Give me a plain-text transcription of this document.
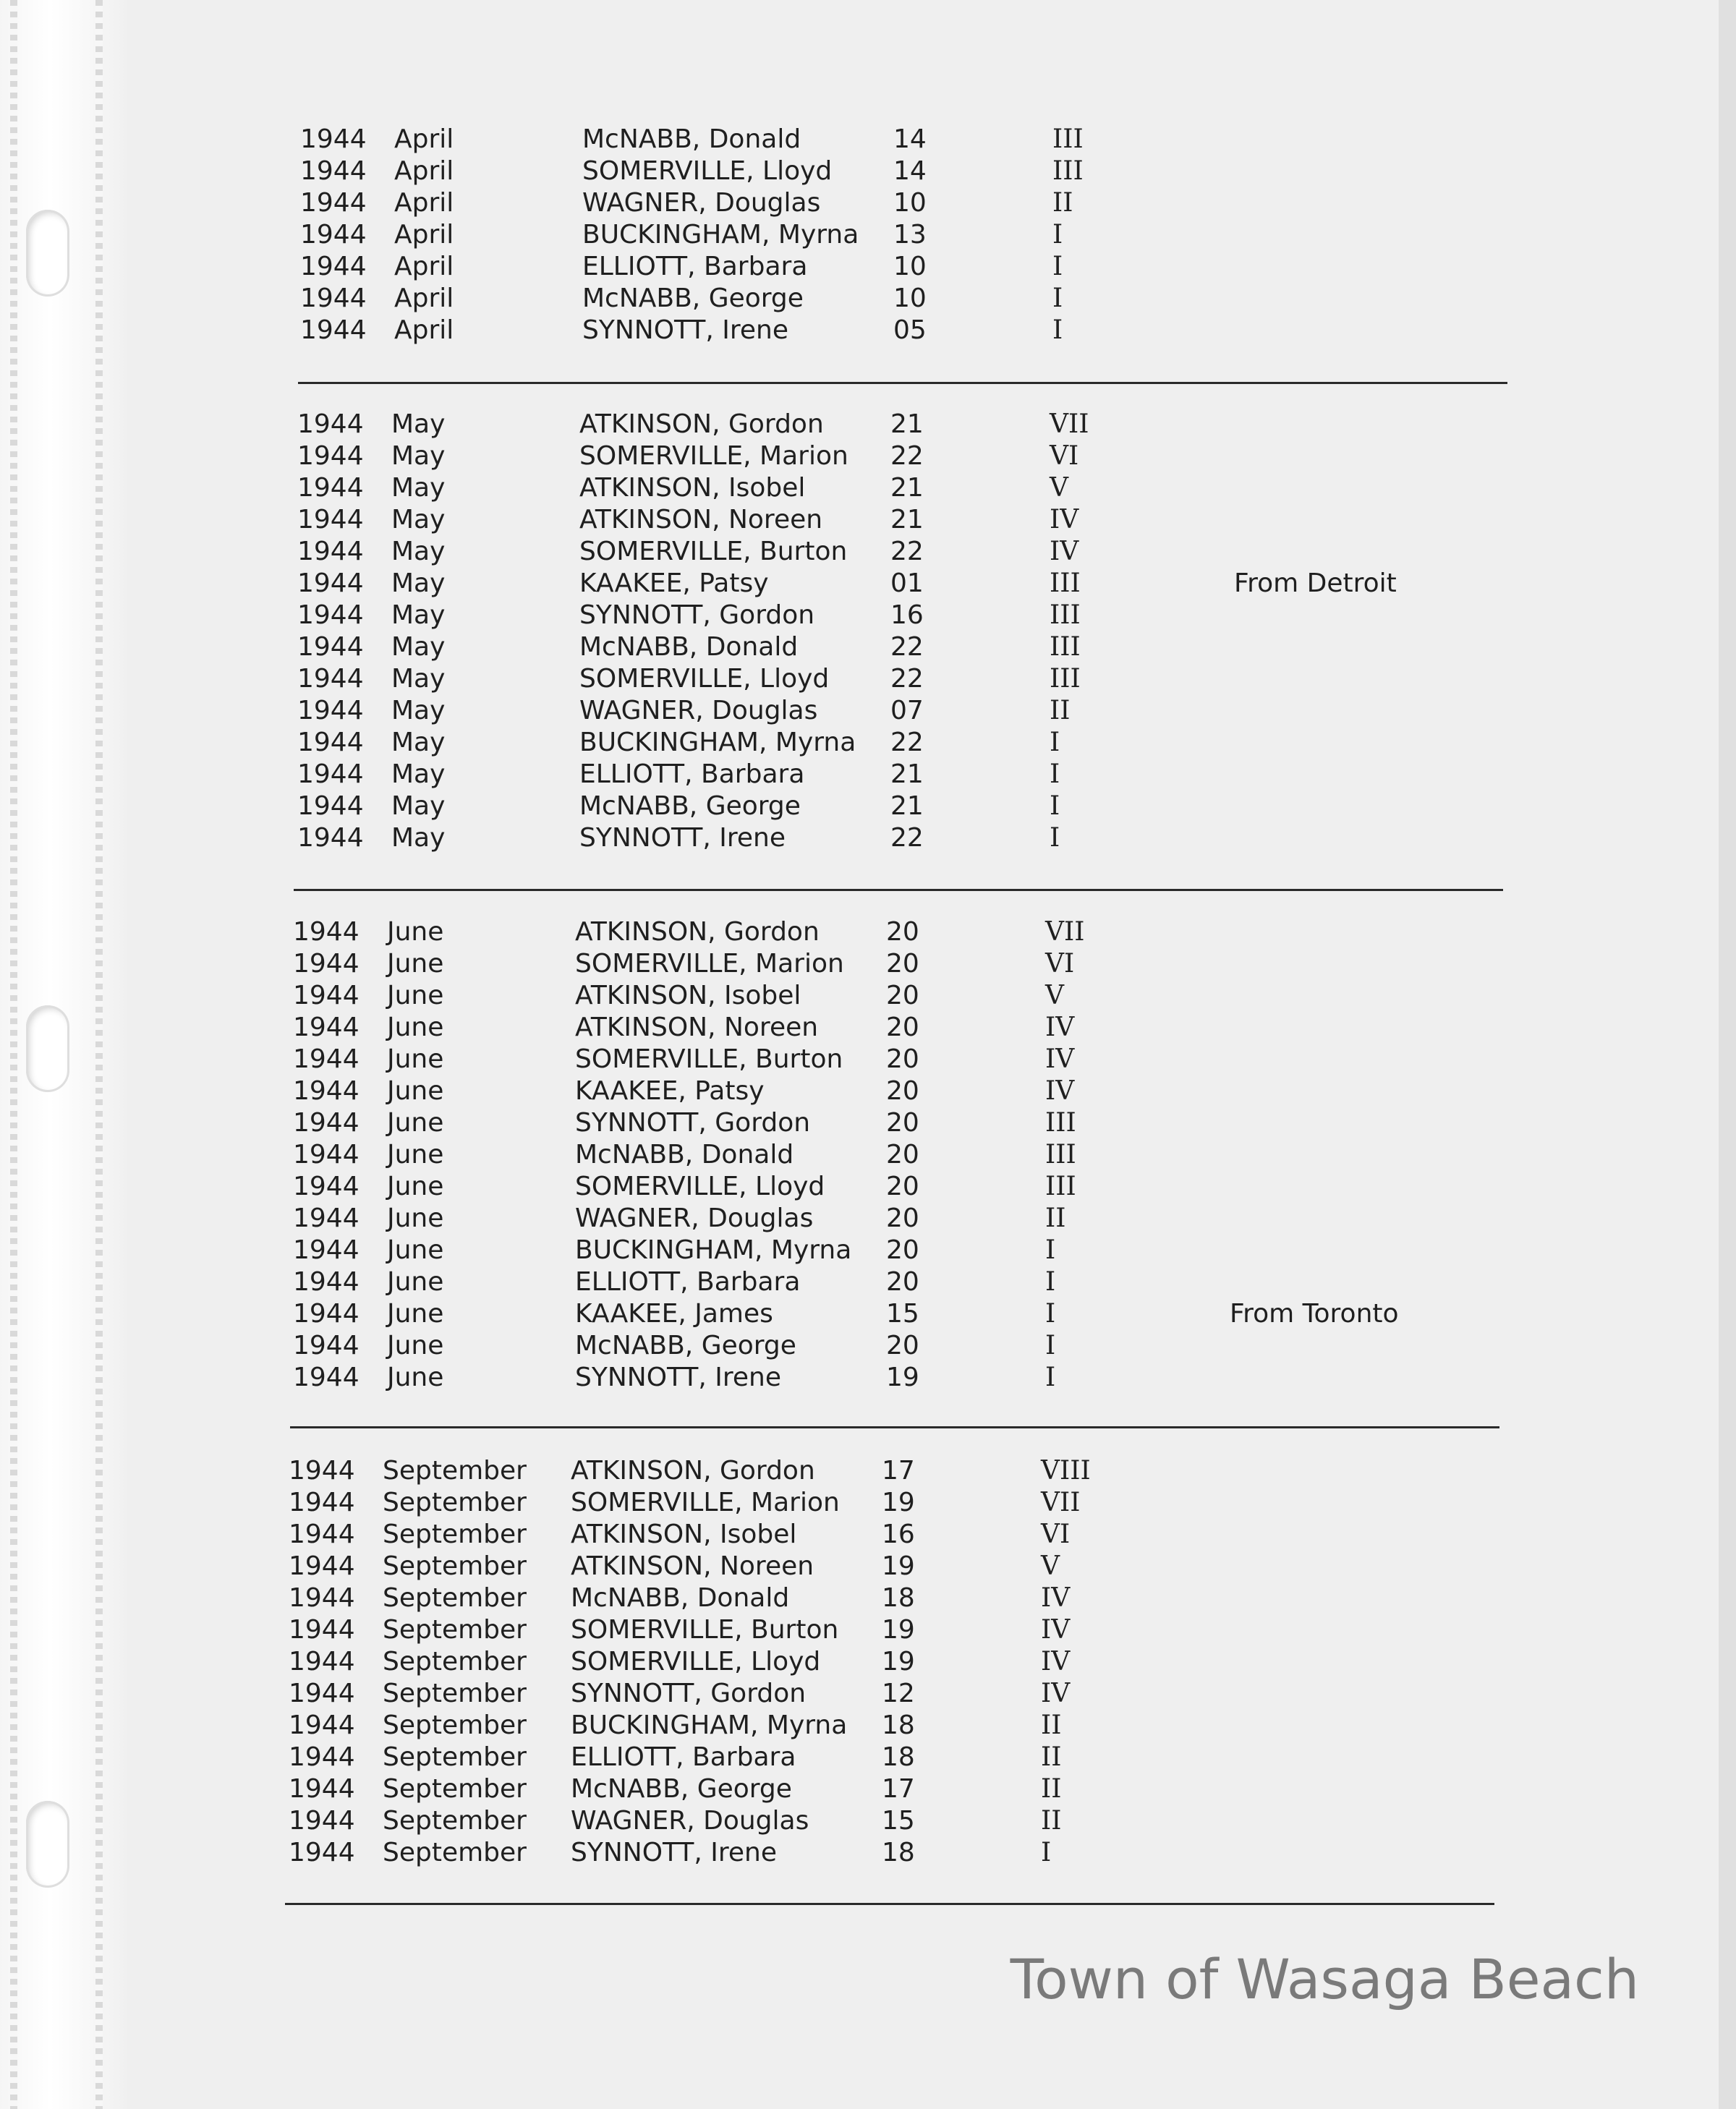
1944 April	McNABB, Donald	14	III
1944 April	SOMERVILLE, Lloyd 14	III
1944 April	WAGNER, Douglas	10	II
1944 April	BUCKINGHAM, Myrna 13	I
1944 April	ELLIOTT, Barbara	10	I
1944 April	McNABB, George	10	I
1944 April	SYNNOTT, Irene	05	I
1944 May	ATKINSON, Gordon	21	VII
1944 May	SOMERVILLE, Marion 22	VI
1944 May	ATKINSON, Isobel	21	V
1944 May	ATKINSON, Noreen	21	IV
1944 May	SOMERVILLE, Burton 22	IV
1944 May	KAAKEE, Patsy	01	III	From Detroit
1944 May	SYNNOTT, Gordon	16	III
1944 May	McNABB, Donald	22	III
1944 May	SOMERVILLE, Lloyd 22	III
1944 May	WAGNER, Douglas	07	II
1944 May	BUCKINGHAM, Myrna 22	I
1944 May	ELLIOTT, Barbara	21	I
1944 May	McNABB, George	21	I
1944 May	SYNNOTT, Irene	22	I
1944 June	ATKINSON, Gordon	20	VII
1944 June	SOMERVILLE, Marion 20	VI
1944 June	ATKINSON, Isobel	20	V
1944 June	ATKINSON, Noreen	20	IV
1944 June	SOMERVILLE, Burton 20	IV
1944 June	KAAKEE, Patsy	20	IV
1944 June	SYNNOTT, Gordon	20	III
1944 June	McNABB, Donald	20	III
1944 June	SOMERVILLE, Lloyd 20	III
1944 June	WAGNER, Douglas	20	II
1944 June	BUCKINGHAM, Myrna 20	I
1944 June	ELLIOTT, Barbara	20	I
1944 June	KAAKEE, James	15	I	From Toronto
1944 June	McNABB, George	20	I
1944 June	SYNNOTT, Irene	19	I
1944 September ATKINSON, Gordon	17	VIII
1944 September SOMERVILLE, Marion 19	VII
1944 September ATKINSON, Isobel	16	VI
1944 September ATKINSON, Noreen	19	V
1944 September McNABB, Donald	18	IV
1944 September SOMERVILLE, Burton 19	IV
1944 September SOMERVILLE, Lloyd 19	IV
1944 September SYNNOTT, Gordon	12	IV
1944 September BUCKINGHAM, Myrna 18	II
1944 September ELLIOTT, Barbara	18	II
1944 September McNABB, George	17	II
1944 September WAGNER, Douglas	15	II
1944 September SYNNOTT, Irene	18	I
Town of Wasaga Beach
